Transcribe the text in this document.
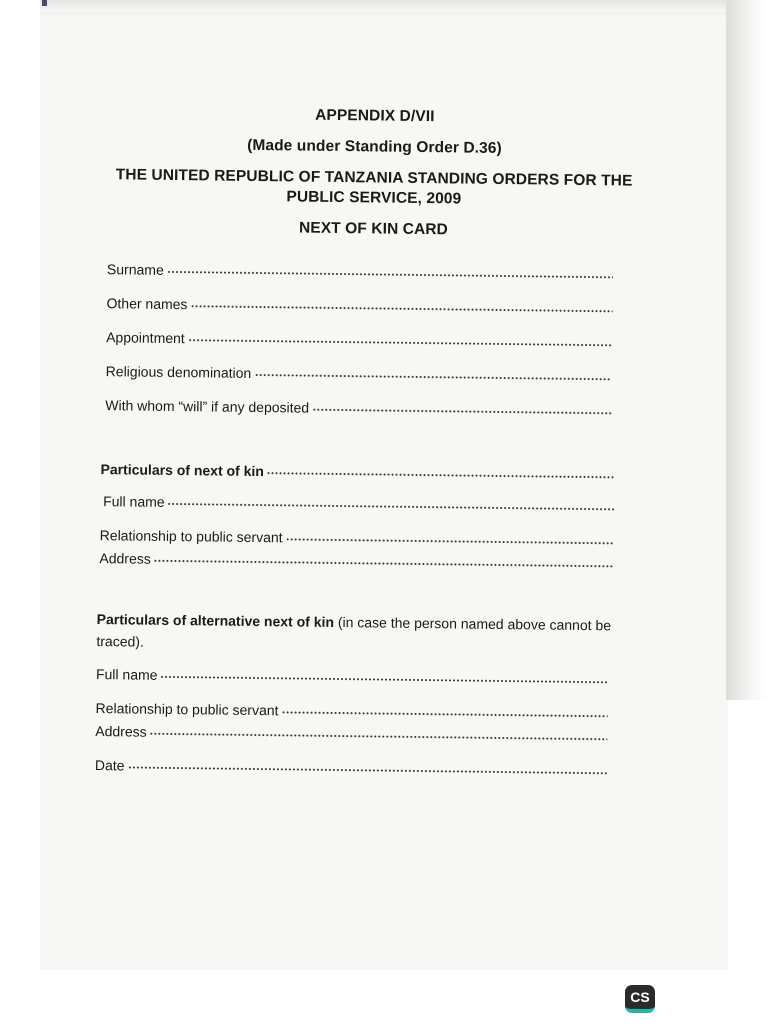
APPENDIX D/VII
(Made under Standing Order D.36)
THE UNITED REPUBLIC OF TANZANIA STANDING ORDERS FOR THE PUBLIC SERVICE, 2009
NEXT OF KIN CARD
Surname
Other names
Appointment
Religious denomination
With whom “will” if any deposited
Particulars of next of kin
Full name
Relationship to public servant
Address
Particulars of alternative next of kin (in case the person named above cannot be traced).
Full name
Relationship to public servant
Address
Date
CS
